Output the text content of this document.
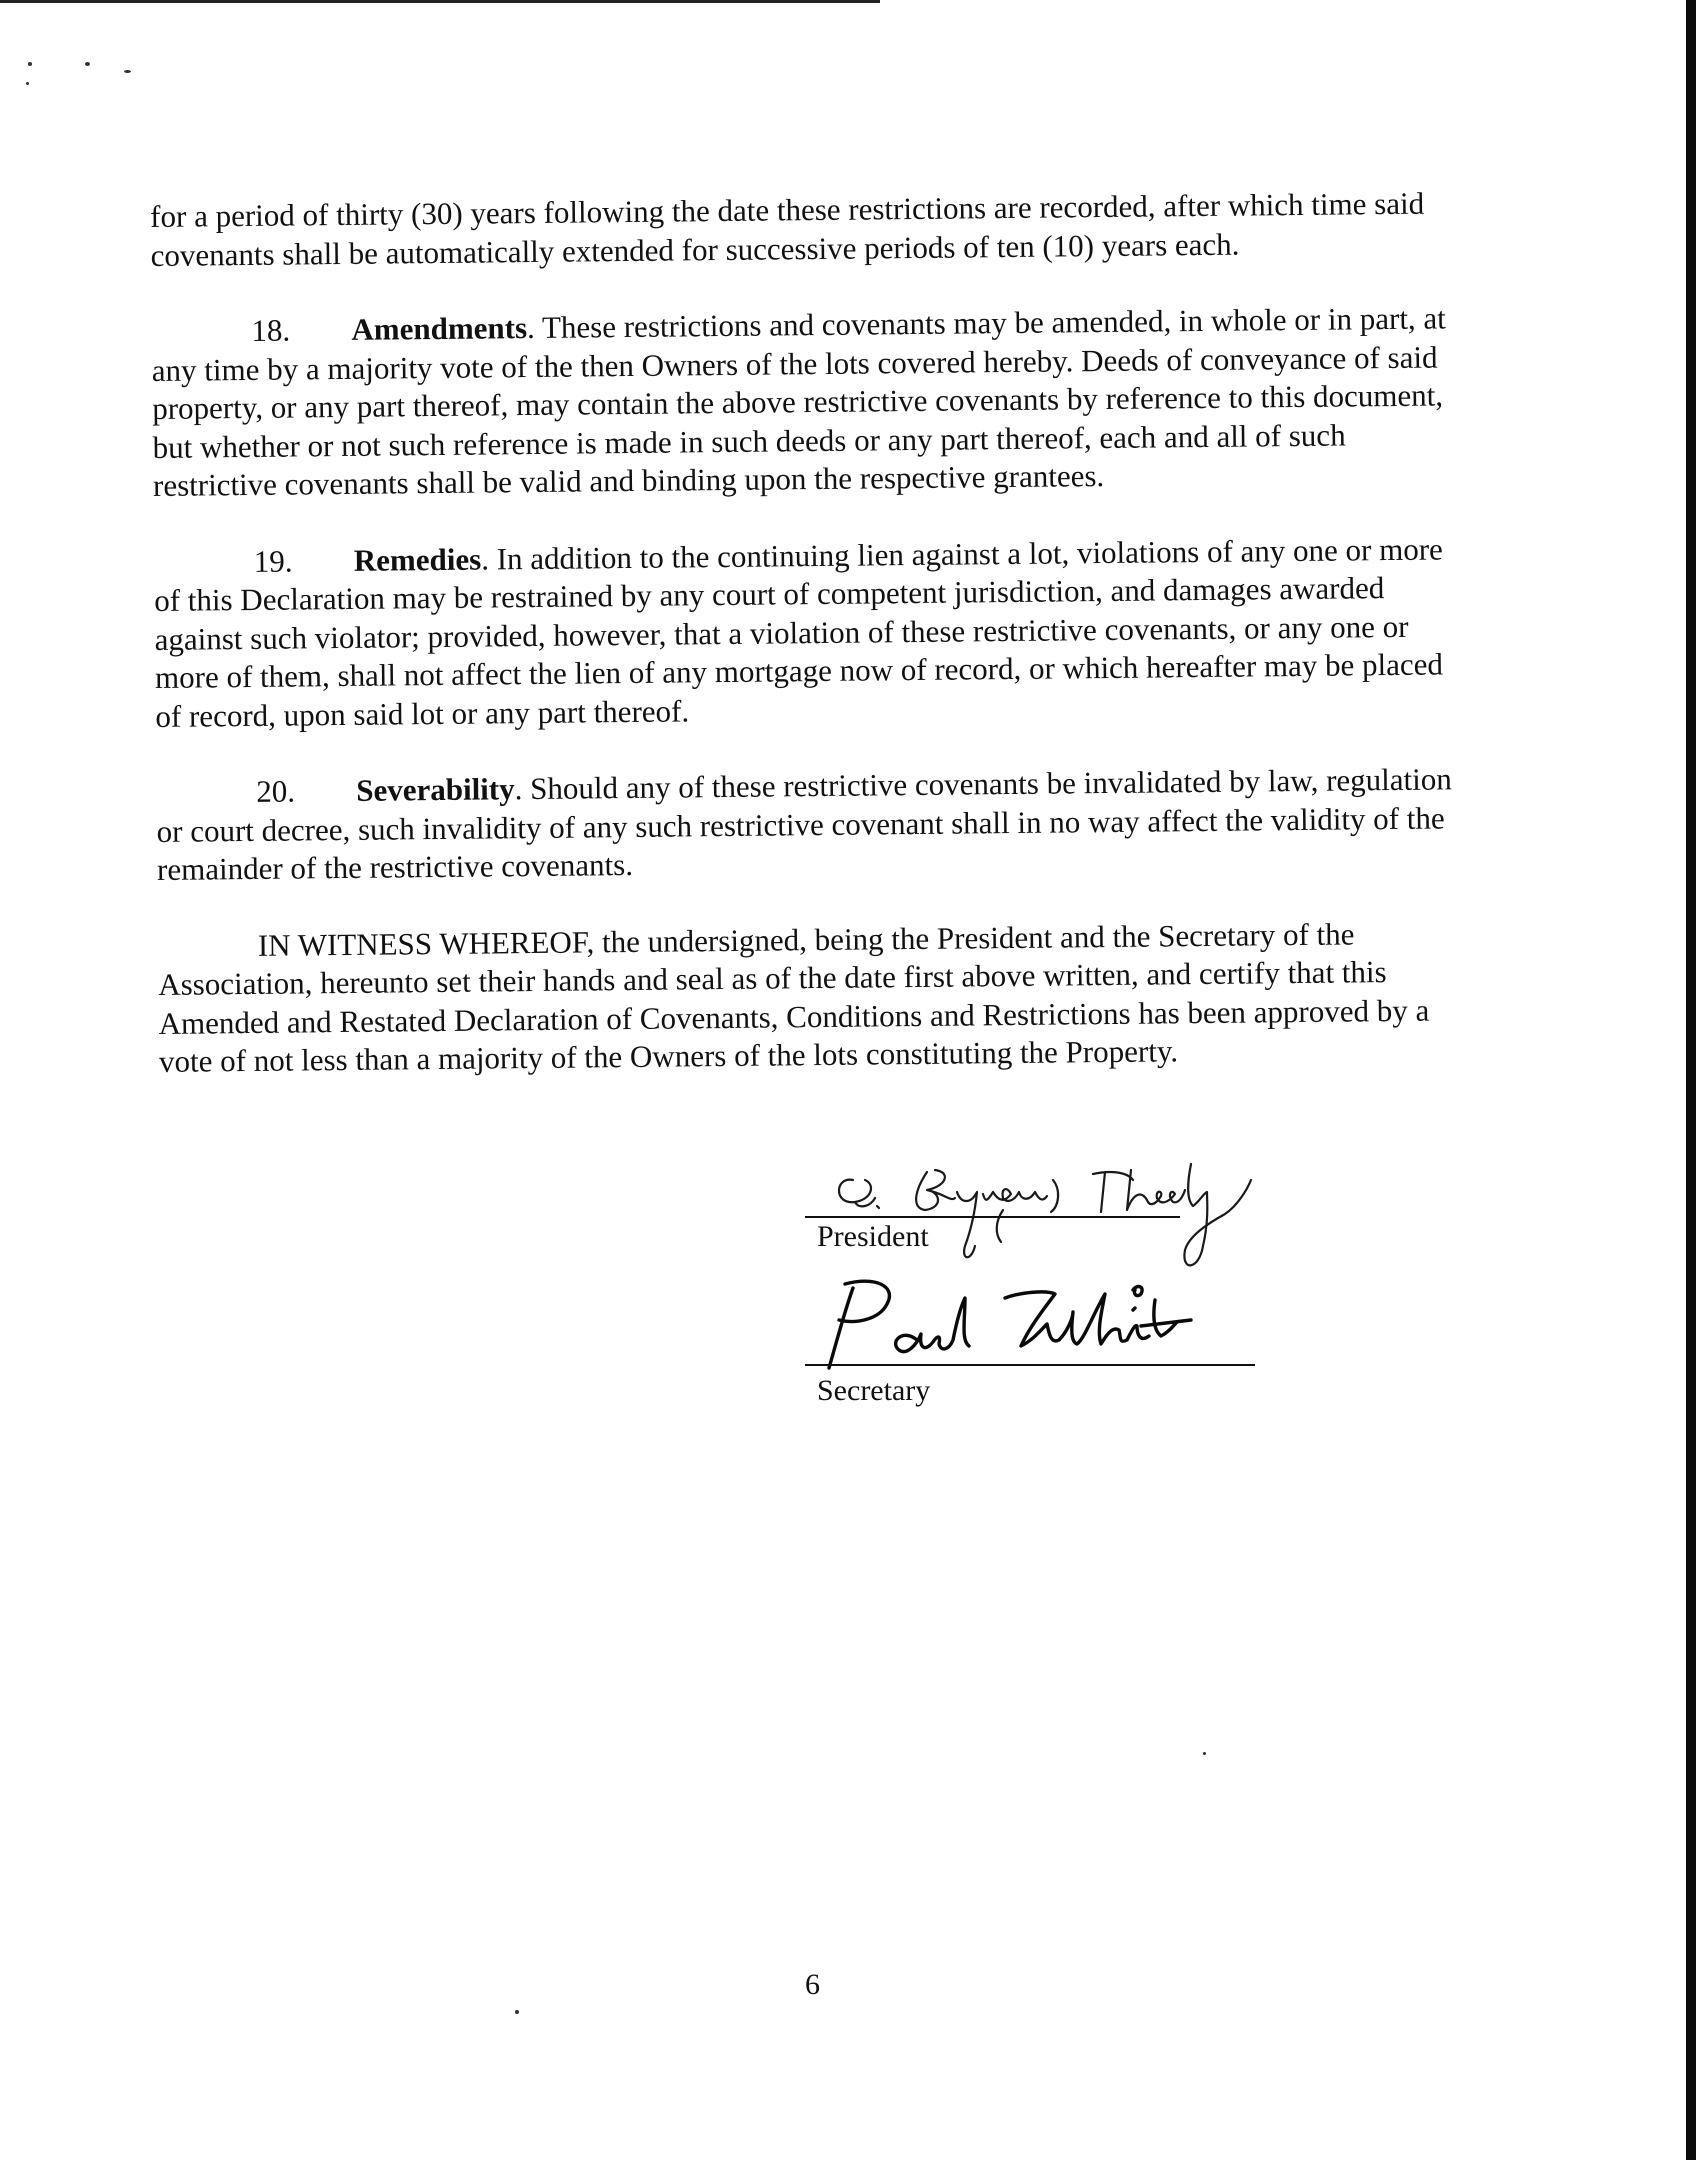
for a period of thirty (30) years following the date these restrictions are recorded, after which time said covenants shall be automatically extended for successive periods of ten (10) years each.

18. Amendments. These restrictions and covenants may be amended, in whole or in part, at any time by a majority vote of the then Owners of the lots covered hereby. Deeds of conveyance of said property, or any part thereof, may contain the above restrictive covenants by reference to this document, but whether or not such reference is made in such deeds or any part thereof, each and all of such restrictive covenants shall be valid and binding upon the respective grantees.

19. Remedies. In addition to the continuing lien against a lot, violations of any one or more of this Declaration may be restrained by any court of competent jurisdiction, and damages awarded against such violator; provided, however, that a violation of these restrictive covenants, or any one or more of them, shall not affect the lien of any mortgage now of record, or which hereafter may be placed of record, upon said lot or any part thereof.

20. Severability. Should any of these restrictive covenants be invalidated by law, regulation or court decree, such invalidity of any such restrictive covenant shall in no way affect the validity of the remainder of the restrictive covenants.

IN WITNESS WHEREOF, the undersigned, being the President and the Secretary of the Association, hereunto set their hands and seal as of the date first above written, and certify that this Amended and Restated Declaration of Covenants, Conditions and Restrictions has been approved by a vote of not less than a majority of the Owners of the lots constituting the Property.

President
Secretary
6
